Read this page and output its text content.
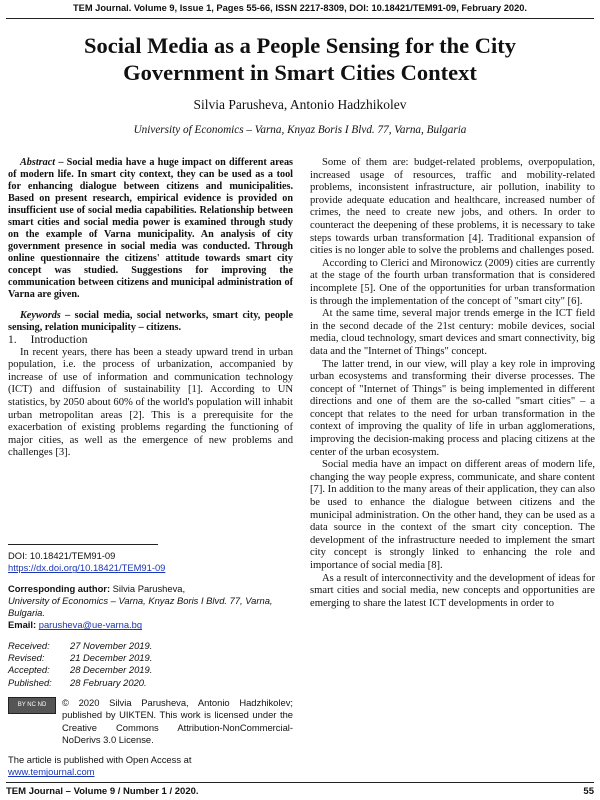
TEM Journal. Volume 9, Issue 1, Pages 55-66, ISSN 2217-8309, DOI: 10.18421/TEM91-09, February 2020.
Social Media as a People Sensing for the City
Government in Smart Cities Context
Silvia Parusheva, Antonio Hadzhikolev
University of Economics – Varna, Knyaz Boris I Blvd. 77, Varna, Bulgaria

Abstract – Social media have a huge impact on different areas of modern life. In smart city context, they can be used as a tool for enhancing dialogue between citizens and municipalities. Based on present research, empirical evidence is provided on insufficient use of social media capabilities. Relationship between smart cities and social media power is examined through study on the example of Varna municipality. An analysis of city government presence in social media was conducted. Through online questionnaire the citizens' attitude towards smart city concept was studied. Suggestions for improving the communication between citizens and municipal administration of Varna are given.

Keywords – social media, social networks, smart city, people sensing, relation municipality – citizens.

1. Introduction

In recent years, there has been a steady upward trend in urban population, i.e. the process of urbanization, accompanied by increase of use of information and communication technology (ICT) and diffusion of sustainability [1]. According to UN statistics, by 2050 about 60% of the world's population will inhabit urban metropolitan areas [2]. This is a prerequisite for the exacerbation of existing problems regarding the functioning of major cities, as well as the emergence of new problems and challenges [3].

DOI: 10.18421/TEM91-09
https://dx.doi.org/10.18421/TEM91-09
Corresponding author: Silvia Parusheva,
University of Economics – Varna, Knyaz Boris I Blvd. 77, Varna, Bulgaria.
Email: parusheva@ue-varna.bg
Received:	27 November 2019.
Revised:	21 December 2019.
Accepted:	28 December 2019.
Published:	28 February 2020.
BY NC ND	© 2020 Silvia Parusheva, Antonio Hadzhikolev; published by UIKTEN. This work is licensed under the Creative Commons Attribution-NonCommercial-NoDerivs 3.0 License.
The article is published with Open Access at
www.temjournal.com

Some of them are: budget-related problems, overpopulation, increased usage of resources, traffic and mobility-related problems, inconsistent infrastructure, air pollution, inability to provide adequate education and healthcare, increased number of crimes, the need to create new jobs, and others. In order to counteract the deepening of these problems, it is necessary to take steps towards urban transformation [4]. Traditional expansion of cities is no longer able to solve the problems and challenges posed.

According to Clerici and Mironowicz (2009) cities are currently at the stage of the fourth urban transformation that is considered incomplete [5]. One of the opportunities for urban transformation is through the implementation of the concept of "smart city" [6].

At the same time, several major trends emerge in the ICT field in the second decade of the 21st century: mobile devices, social media, cloud technology, smart devices and smart connectivity, big data and the "Internet of Things" concept.

The latter trend, in our view, will play a key role in improving urban ecosystems and transforming their diverse processes. The concept of "Internet of Things" is being implemented in different directions and one of them are the so-called "smart cities" – a concept that relates to the need for urban transformation in the context of improving the quality of life in urban agglomerations, improving the decision-making process and placing citizens at the center of the urban ecosystem.

Social media have an impact on different areas of modern life, changing the way people express, communicate, and share content [7]. In addition to the many areas of their application, they can also be used to enhance the dialogue between citizens and the municipal administration. On the other hand, they can be used as a data source in the context of the smart city conception. The development of the infrastructure needed to implement the smart city concept is strongly linked to enhancing the role and importance of social media [8].

As a result of interconnectivity and the development of ideas for smart cities and social media, new concepts and opportunities are emerging to share the latest ICT developments in order to

TEM Journal – Volume 9 / Number 1 / 2020.	55
